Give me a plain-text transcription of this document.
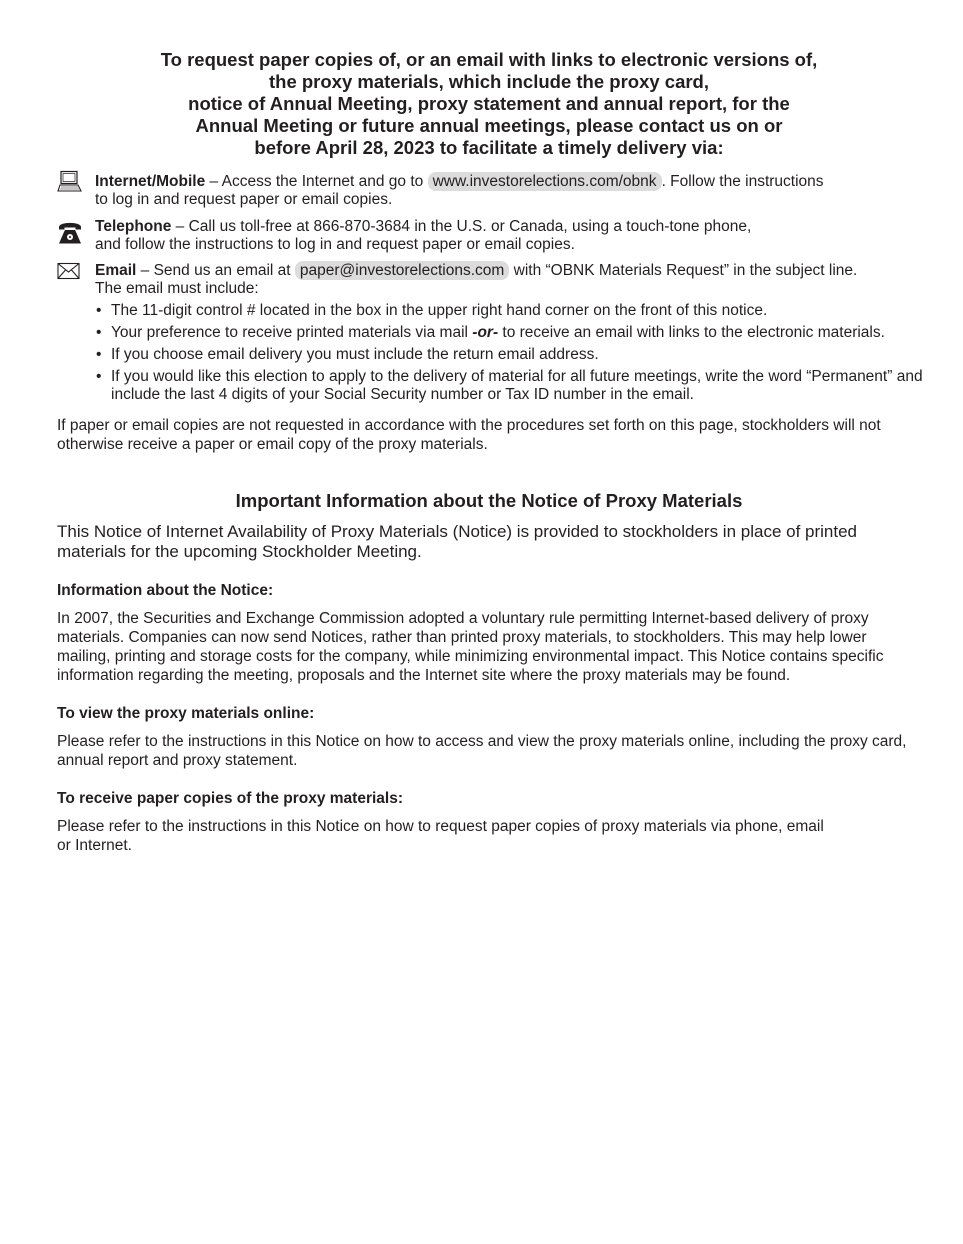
To request paper copies of, or an email with links to electronic versions of,
the proxy materials, which include the proxy card,
notice of Annual Meeting, proxy statement and annual report, for the
Annual Meeting or future annual meetings, please contact us on or
before April 28, 2023 to facilitate a timely delivery via:
Internet/Mobile – Access the Internet and go to www.investorelections.com/obnk . Follow the instructions
to log in and request paper or email copies.
Telephone – Call us toll-free at 866-870-3684 in the U.S. or Canada, using a touch-tone phone,
and follow the instructions to log in and request paper or email copies.
Email – Send us an email at paper@investorelections.com with “OBNK Materials Request” in the subject line.
The email must include:
• The 11-digit control # located in the box in the upper right hand corner on the front of this notice.
• Your preference to receive printed materials via mail -or- to receive an email with links to the electronic materials.
• If you choose email delivery you must include the return email address.
• If you would like this election to apply to the delivery of material for all future meetings, write the word “Permanent” and include the last 4 digits of your Social Security number or Tax ID number in the email.
If paper or email copies are not requested in accordance with the procedures set forth on this page, stockholders will not otherwise receive a paper or email copy of the proxy materials.
Important Information about the Notice of Proxy Materials
This Notice of Internet Availability of Proxy Materials (Notice) is provided to stockholders in place of printed materials for the upcoming Stockholder Meeting.
Information about the Notice:
In 2007, the Securities and Exchange Commission adopted a voluntary rule permitting Internet-based delivery of proxy materials. Companies can now send Notices, rather than printed proxy materials, to stockholders. This may help lower mailing, printing and storage costs for the company, while minimizing environmental impact. This Notice contains specific information regarding the meeting, proposals and the Internet site where the proxy materials may be found.
To view the proxy materials online:
Please refer to the instructions in this Notice on how to access and view the proxy materials online, including the proxy card, annual report and proxy statement.
To receive paper copies of the proxy materials:
Please refer to the instructions in this Notice on how to request paper copies of proxy materials via phone, email
or Internet.
